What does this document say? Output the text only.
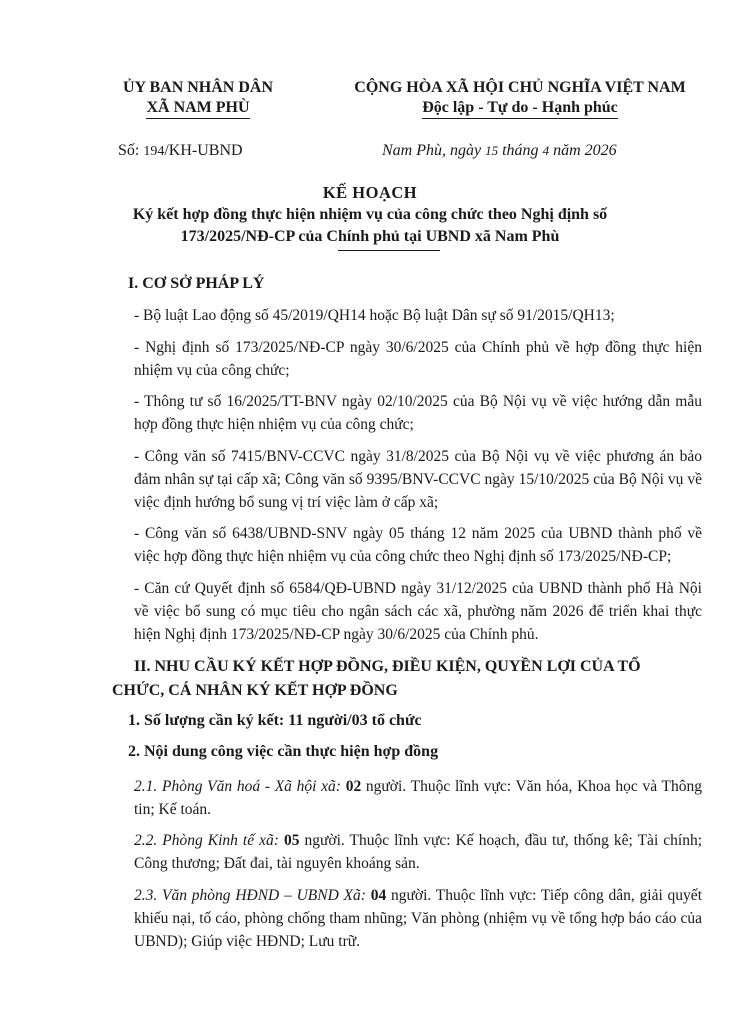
ỦY BAN NHÂN DÂN
XÃ NAM PHÙ
CỘNG HÒA XÃ HỘI CHỦ NGHĨA VIỆT NAM
Độc lập - Tự do - Hạnh phúc
Số: 194/KH-UBND	Nam Phù, ngày 15 tháng 4 năm 2026
KẾ HOẠCH
Ký kết hợp đồng thực hiện nhiệm vụ của công chức theo Nghị định số
173/2025/NĐ-CP của Chính phủ tại UBND xã Nam Phù
I. CƠ SỞ PHÁP LÝ
- Bộ luật Lao động số 45/2019/QH14 hoặc Bộ luật Dân sự số 91/2015/QH13;
- Nghị định số 173/2025/NĐ-CP ngày 30/6/2025 của Chính phủ về hợp đồng thực hiện nhiệm vụ của công chức;
- Thông tư số 16/2025/TT-BNV ngày 02/10/2025 của Bộ Nội vụ về việc hướng dẫn mẫu hợp đồng thực hiện nhiệm vụ của công chức;
- Công văn số 7415/BNV-CCVC ngày 31/8/2025 của Bộ Nội vụ về việc phương án bảo đảm nhân sự tại cấp xã; Công văn số 9395/BNV-CCVC ngày 15/10/2025 của Bộ Nội vụ về việc định hướng bổ sung vị trí việc làm ở cấp xã;
- Công văn số 6438/UBND-SNV ngày 05 tháng 12 năm 2025 của UBND thành phố về việc hợp đồng thực hiện nhiệm vụ của công chức theo Nghị định số 173/2025/NĐ-CP;
- Căn cứ Quyết định số 6584/QĐ-UBND ngày 31/12/2025 của UBND thành phố Hà Nội về việc bổ sung có mục tiêu cho ngân sách các xã, phường năm 2026 để triển khai thực hiện Nghị định 173/2025/NĐ-CP ngày 30/6/2025 của Chính phủ.
II. NHU CẦU KÝ KẾT HỢP ĐỒNG, ĐIỀU KIỆN, QUYỀN LỢI CỦA TỔ CHỨC, CÁ NHÂN KÝ KẾT HỢP ĐỒNG
1. Số lượng cần ký kết: 11 người/03 tổ chức
2. Nội dung công việc cần thực hiện hợp đồng
2.1. Phòng Văn hoá - Xã hội xã: 02 người. Thuộc lĩnh vực: Văn hóa, Khoa học và Thông tin; Kế toán.
2.2. Phòng Kinh tế xã: 05 người. Thuộc lĩnh vực: Kế hoạch, đầu tư, thống kê; Tài chính; Công thương; Đất đai, tài nguyên khoáng sản.
2.3. Văn phòng HĐND – UBND Xã: 04 người. Thuộc lĩnh vực: Tiếp công dân, giải quyết khiếu nại, tố cáo, phòng chống tham nhũng; Văn phòng (nhiệm vụ về tổng hợp báo cáo của UBND); Giúp việc HĐND; Lưu trữ.
